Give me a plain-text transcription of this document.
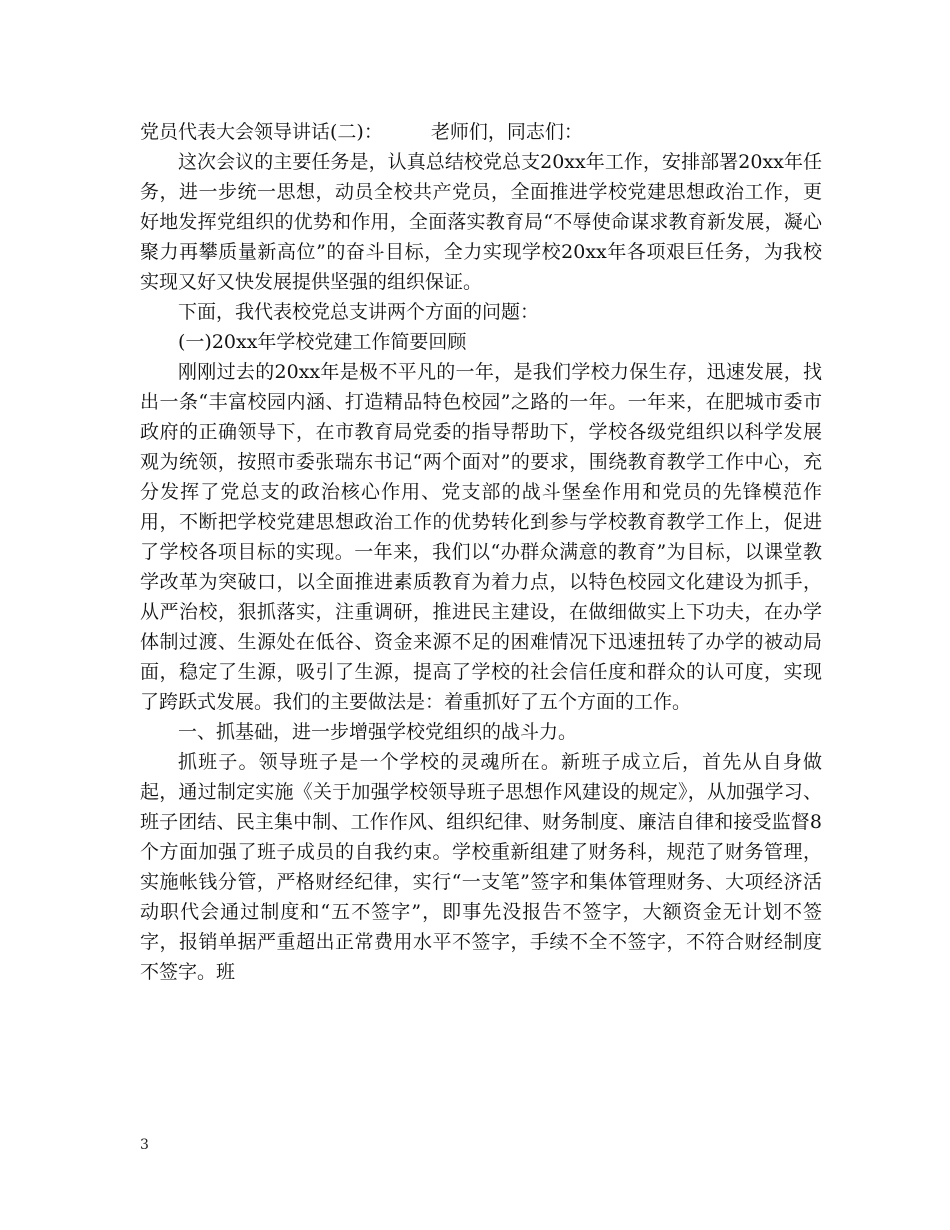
党员代表大会领导讲话(二)：	老师们，同志们：

这次会议的主要任务是，认真总结校党总支20xx年工作，安排部署20xx年任务，进一步统一思想，动员全校共产党员，全面推进学校党建思想政治工作，更好地发挥党组织的优势和作用，全面落实教育局“不辱使命谋求教育新发展，凝心聚力再攀质量新高位”的奋斗目标，全力实现学校20xx年各项艰巨任务，为我校实现又好又快发展提供坚强的组织保证。

下面，我代表校党总支讲两个方面的问题：

(一)20xx年学校党建工作简要回顾

刚刚过去的20xx年是极不平凡的一年，是我们学校力保生存，迅速发展，找出一条“丰富校园内涵、打造精品特色校园”之路的一年。一年来，在肥城市委市政府的正确领导下，在市教育局党委的指导帮助下，学校各级党组织以科学发展观为统领，按照市委张瑞东书记“两个面对”的要求，围绕教育教学工作中心，充分发挥了党总支的政治核心作用、党支部的战斗堡垒作用和党员的先锋模范作用，不断把学校党建思想政治工作的优势转化到参与学校教育教学工作上，促进了学校各项目标的实现。一年来，我们以“办群众满意的教育”为目标，以课堂教学改革为突破口，以全面推进素质教育为着力点，以特色校园文化建设为抓手，从严治校，狠抓落实，注重调研，推进民主建设，在做细做实上下功夫，在办学体制过渡、生源处在低谷、资金来源不足的困难情况下迅速扭转了办学的被动局面，稳定了生源，吸引了生源，提高了学校的社会信任度和群众的认可度，实现了跨跃式发展。我们的主要做法是：着重抓好了五个方面的工作。

一、抓基础，进一步增强学校党组织的战斗力。

抓班子。领导班子是一个学校的灵魂所在。新班子成立后，首先从自身做起，通过制定实施《关于加强学校领导班子思想作风建设的规定》，从加强学习、班子团结、民主集中制、工作作风、组织纪律、财务制度、廉洁自律和接受监督8个方面加强了班子成员的自我约束。学校重新组建了财务科，规范了财务管理，实施帐钱分管，严格财经纪律，实行“一支笔”签字和集体管理财务、大项经济活动职代会通过制度和“五不签字”，即事先没报告不签字，大额资金无计划不签字，报销单据严重超出正常费用水平不签字，手续不全不签字，不符合财经制度不签字。班

3
